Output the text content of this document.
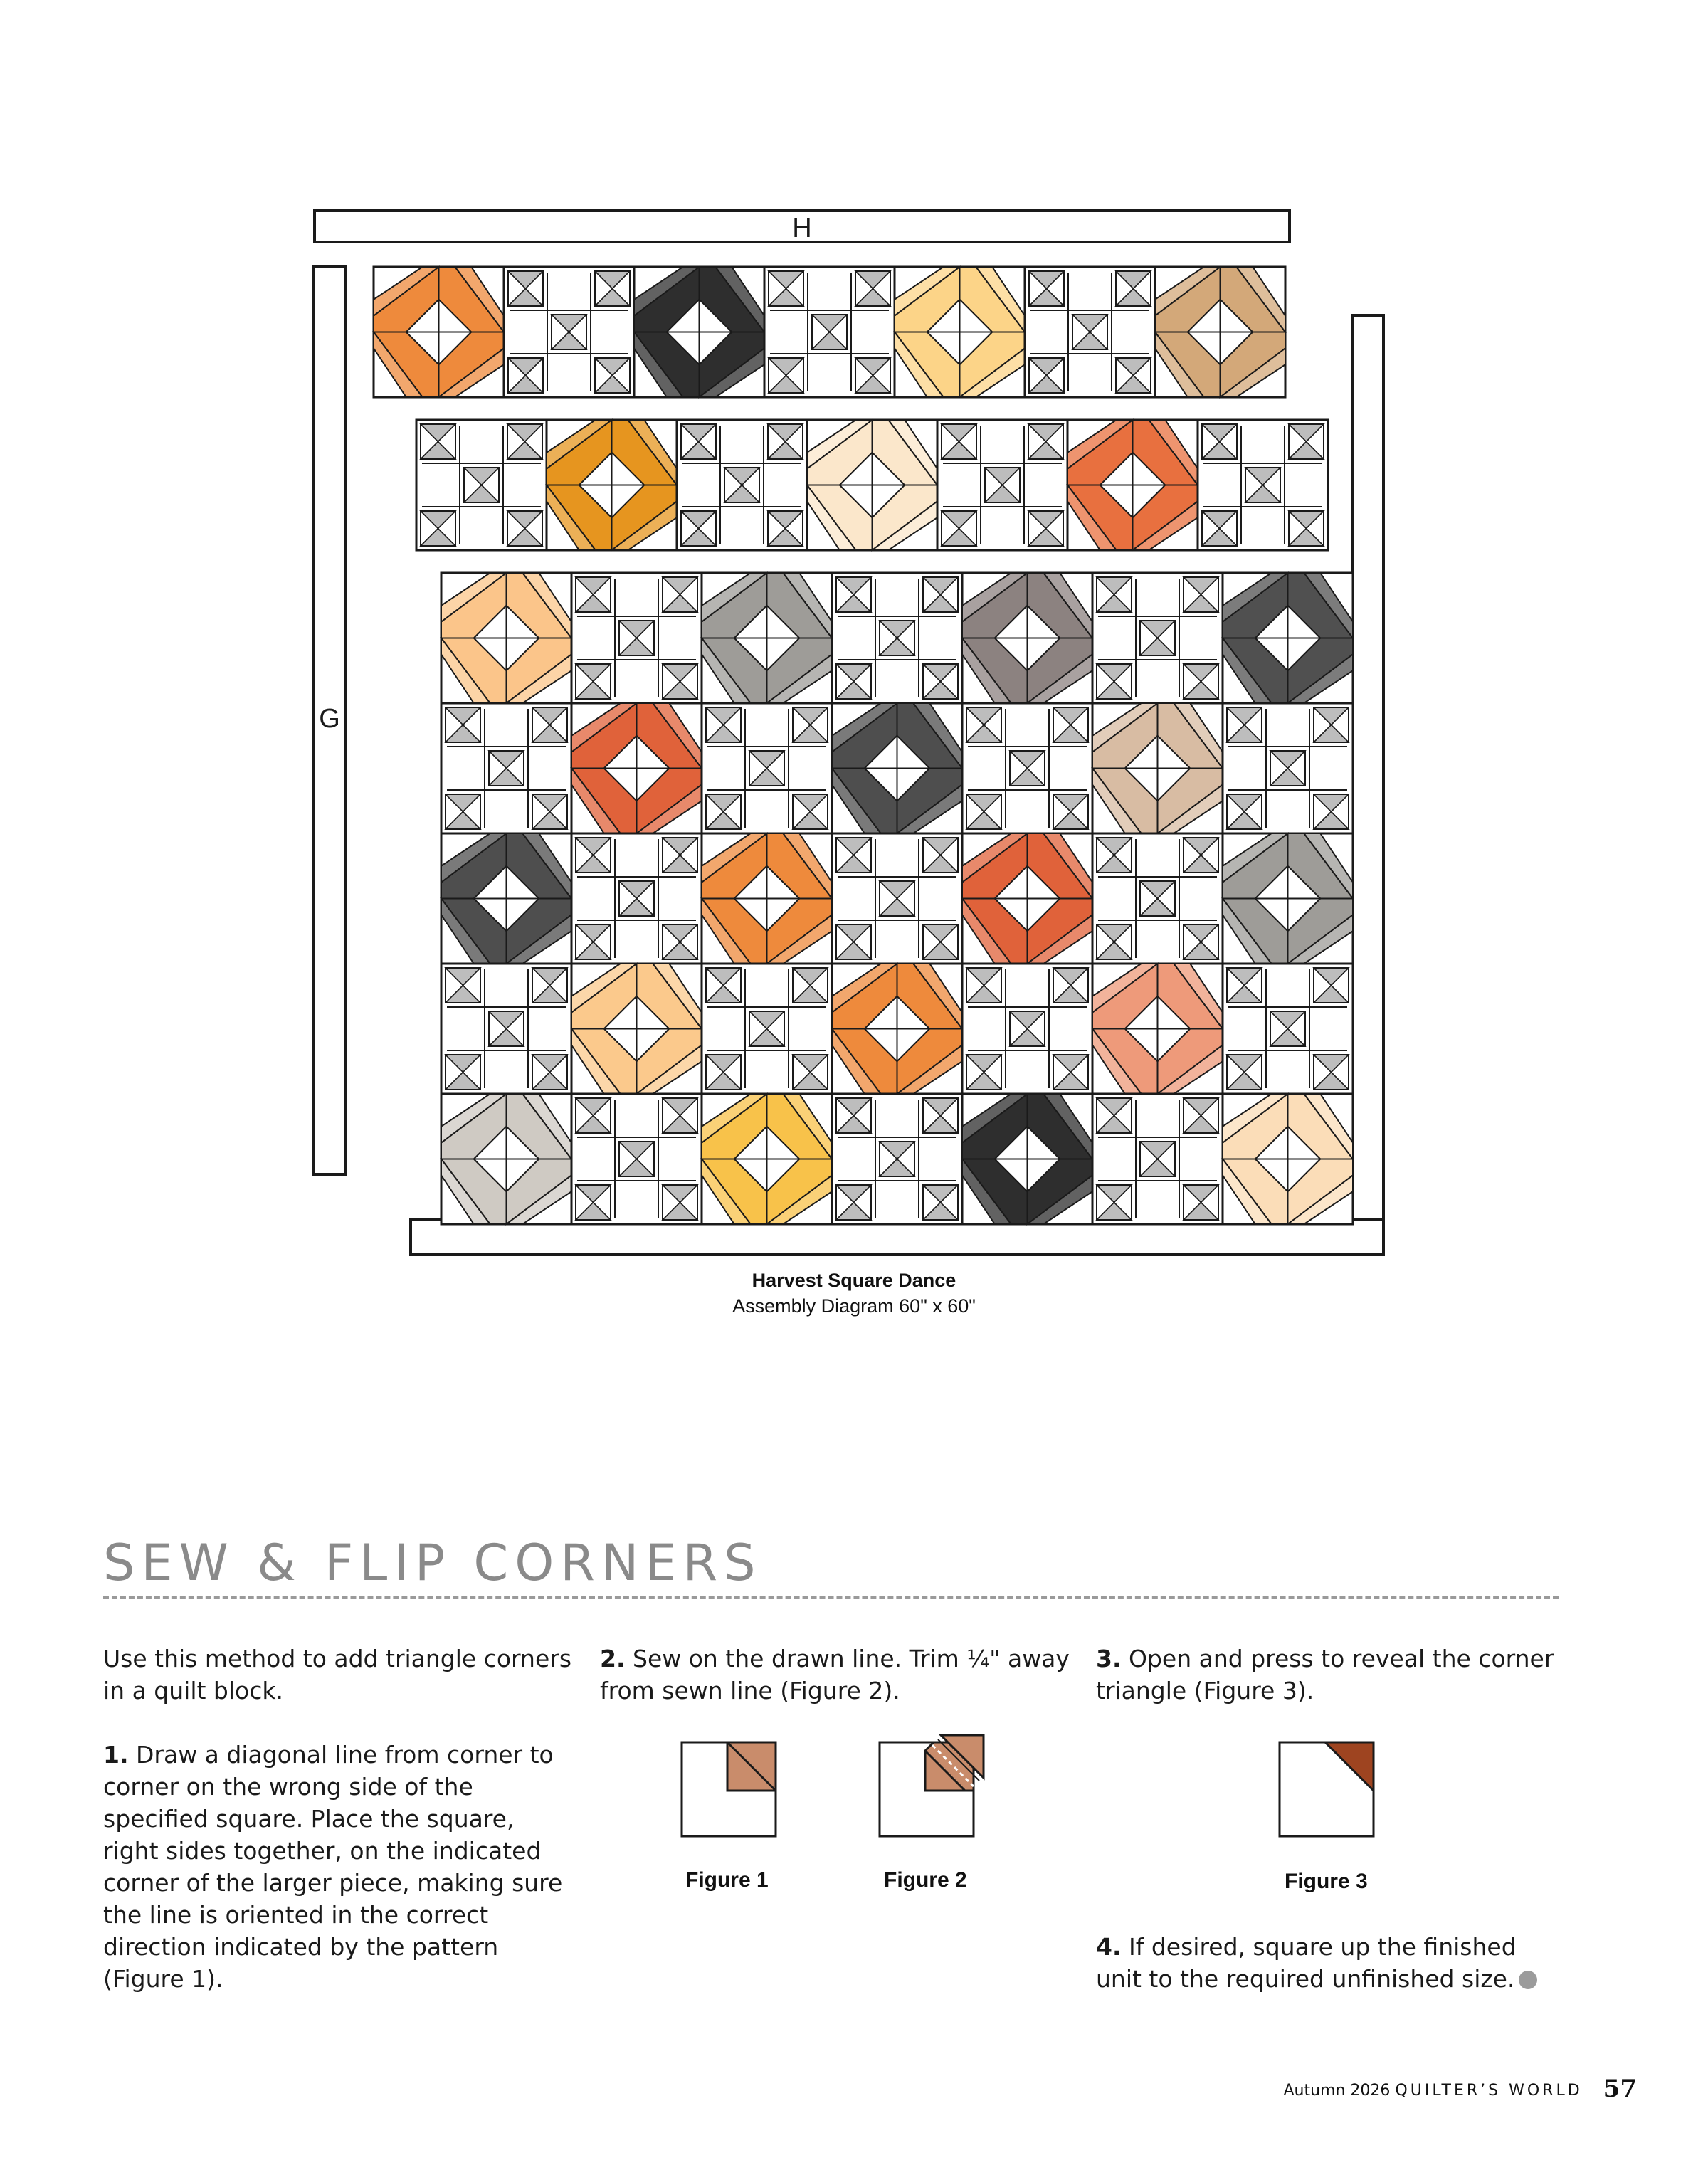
H
G
Harvest Square Dance
Assembly Diagram 60" x 60"
SEW & FLIP CORNERS

Use this method to add triangle corners in a quilt block.

1. Draw a diagonal line from corner to corner on the wrong side of the specified square. Place the square, right sides together, on the indicated corner of the larger piece, making sure the line is oriented in the correct direction indicated by the pattern (Figure 1).

2. Sew on the drawn line. Trim ¼" away from sewn line (Figure 2).

3. Open and press to reveal the corner triangle (Figure 3).

4. If desired, square up the finished unit to the required unfinished size.
Figure 1	Figure 2	Figure 3
Autumn 2026 QUILTER’S WORLD 57
